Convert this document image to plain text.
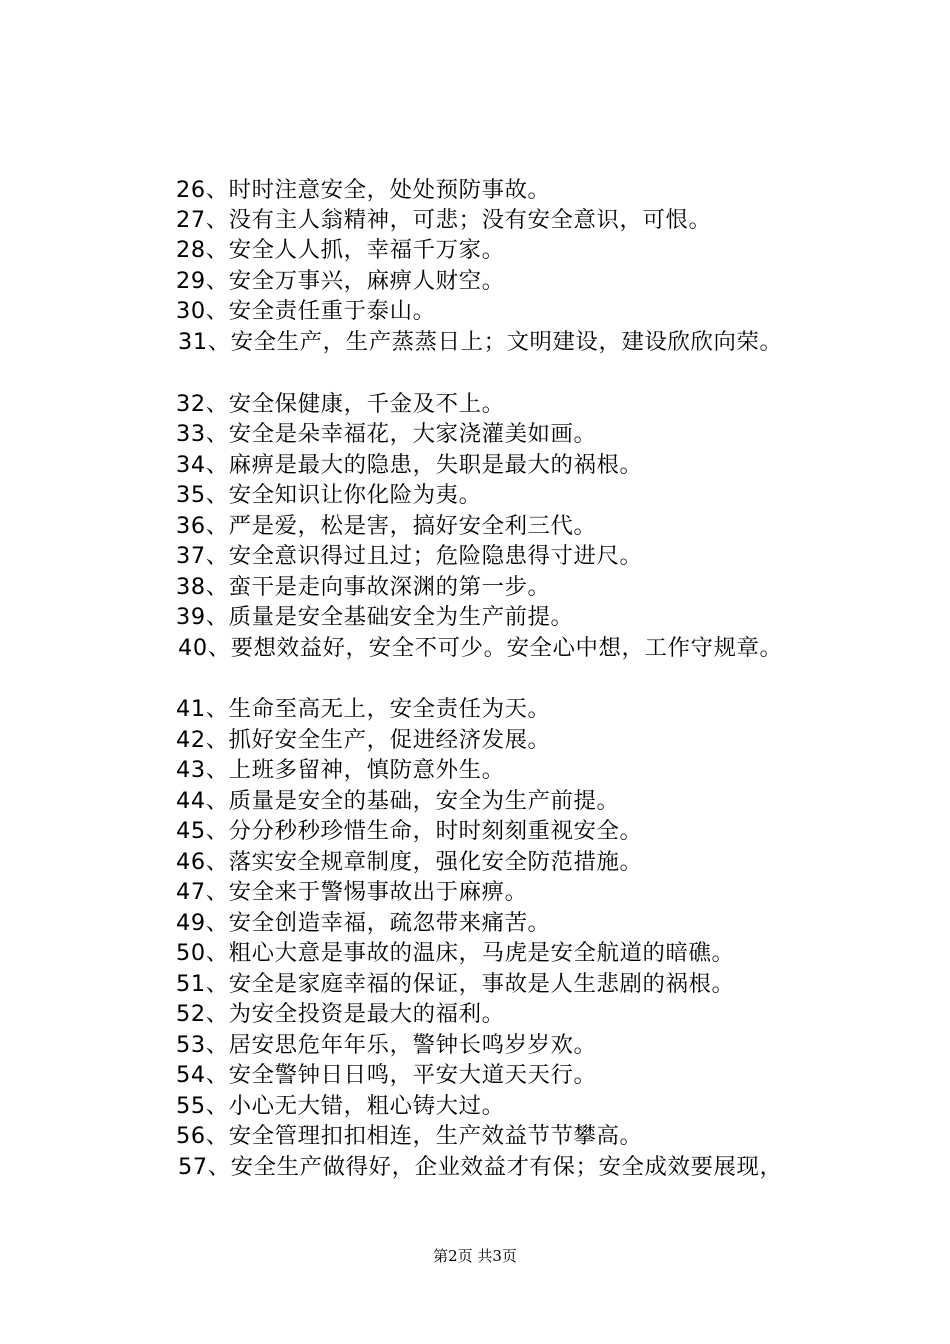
26、时时注意安全，处处预防事故。
27、没有主人翁精神，可悲；没有安全意识，可恨。
28、安全人人抓，幸福千万家。
29、安全万事兴，麻痹人财空。
30、安全责任重于泰山。
31、安全生产，生产蒸蒸日上；文明建设，建设欣欣向荣。
32、安全保健康，千金及不上。
33、安全是朵幸福花，大家浇灌美如画。
34、麻痹是最大的隐患，失职是最大的祸根。
35、安全知识让你化险为夷。
36、严是爱，松是害，搞好安全利三代。
37、安全意识得过且过；危险隐患得寸进尺。
38、蛮干是走向事故深渊的第一步。
39、质量是安全基础安全为生产前提。
40、要想效益好，安全不可少。安全心中想，工作守规章。
41、生命至高无上，安全责任为天。
42、抓好安全生产，促进经济发展。
43、上班多留神，慎防意外生。
44、质量是安全的基础，安全为生产前提。
45、分分秒秒珍惜生命，时时刻刻重视安全。
46、落实安全规章制度，强化安全防范措施。
47、安全来于警惕事故出于麻痹。
49、安全创造幸福，疏忽带来痛苦。
50、粗心大意是事故的温床，马虎是安全航道的暗礁。
51、安全是家庭幸福的保证，事故是人生悲剧的祸根。
52、为安全投资是最大的福利。
53、居安思危年年乐，警钟长鸣岁岁欢。
54、安全警钟日日鸣，平安大道天天行。
55、小心无大错，粗心铸大过。
56、安全管理扣扣相连，生产效益节节攀高。
57、安全生产做得好，企业效益才有保；安全成效要展现，
第2页 共3页
